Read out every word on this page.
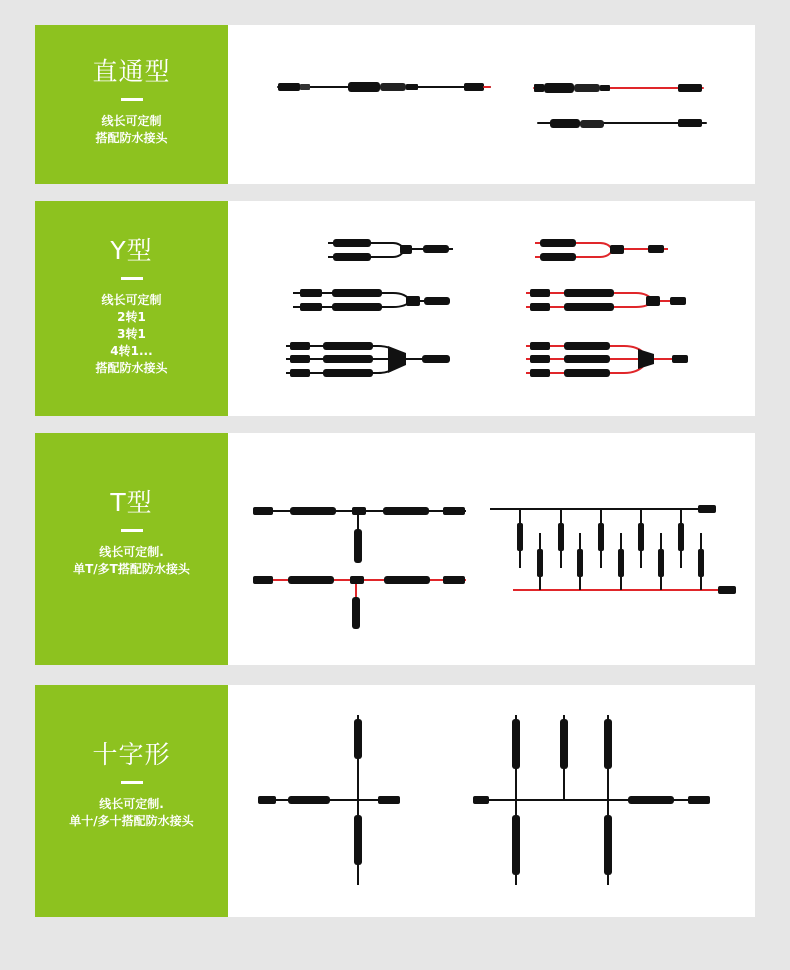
直通型
线长可定制
搭配防水接头
Y型
线长可定制
2转1
3转1
4转1...
搭配防水接头
T型
线长可定制.
单T/多T搭配防水接头
十字形
线长可定制.
单十/多十搭配防水接头
